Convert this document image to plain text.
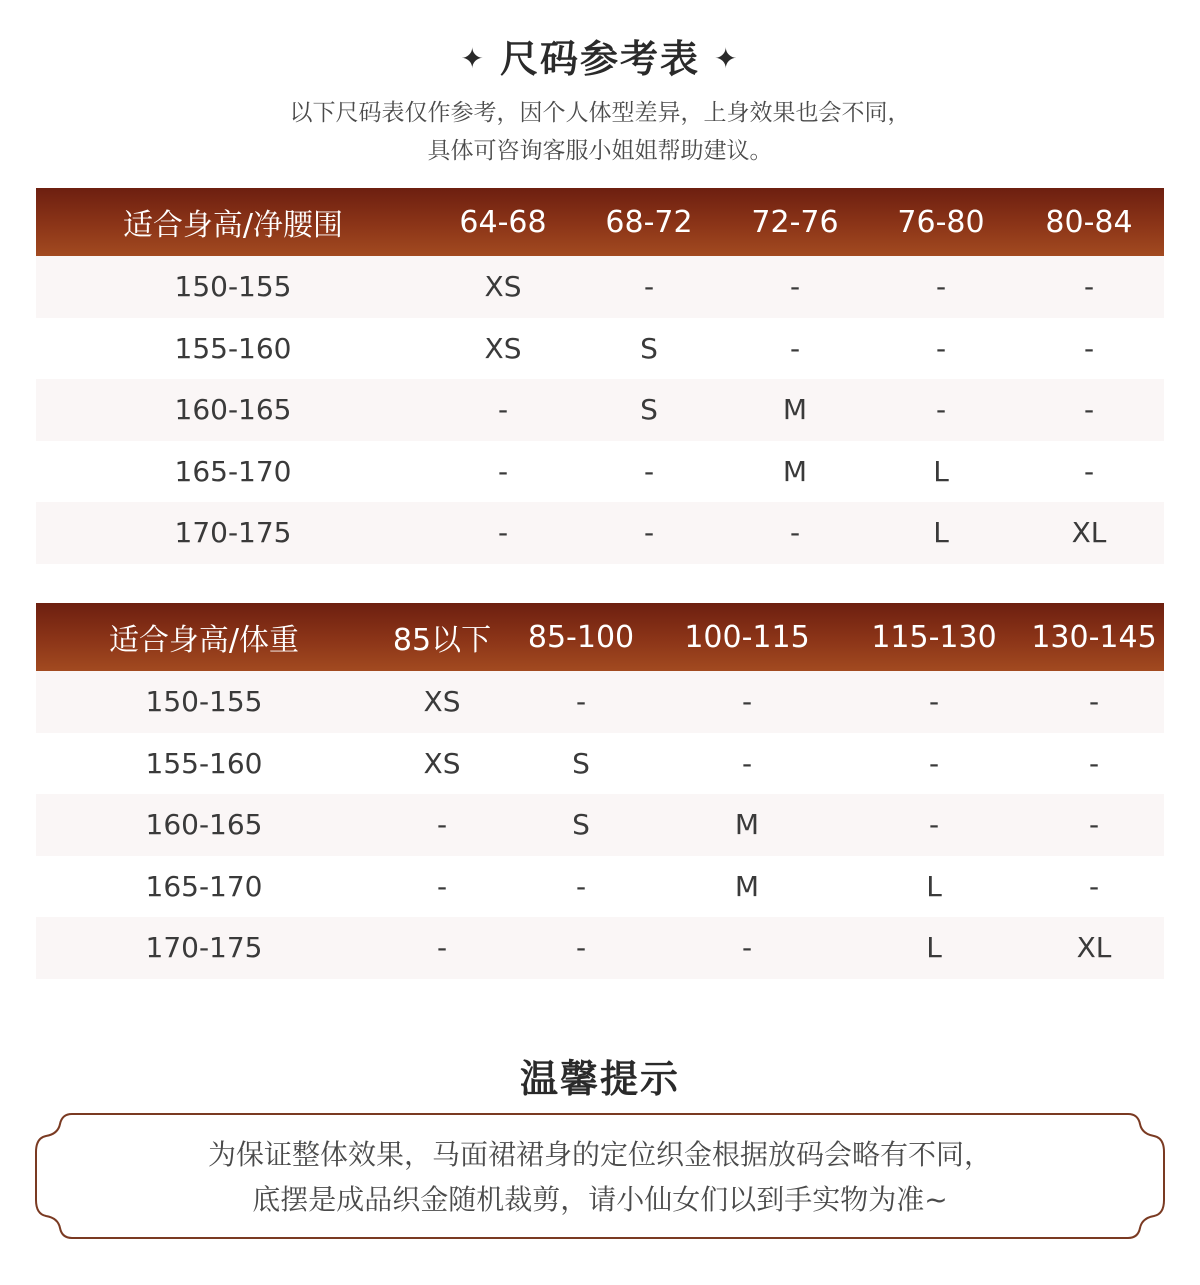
✦ 尺码参考表 ✦
以下尺码表仅作参考，因个人体型差异，上身效果也会不同，
具体可咨询客服小姐姐帮助建议。
适合身高/净腰围	64-68	68-72	72-76	76-80	80-84
150-155	XS	-	-	-	-
155-160	XS	S	-	-	-
160-165	-	S	M	-	-
165-170	-	-	M	L	-
170-175	-	-	-	L	XL
适合身高/体重	85以下	85-100	100-115	115-130	130-145
150-155	XS	-	-	-	-
155-160	XS	S	-	-	-
160-165	-	S	M	-	-
165-170	-	-	M	L	-
170-175	-	-	-	L	XL
温馨提示
为保证整体效果，马面裙裙身的定位织金根据放码会略有不同，
底摆是成品织金随机裁剪，请小仙女们以到手实物为准~
